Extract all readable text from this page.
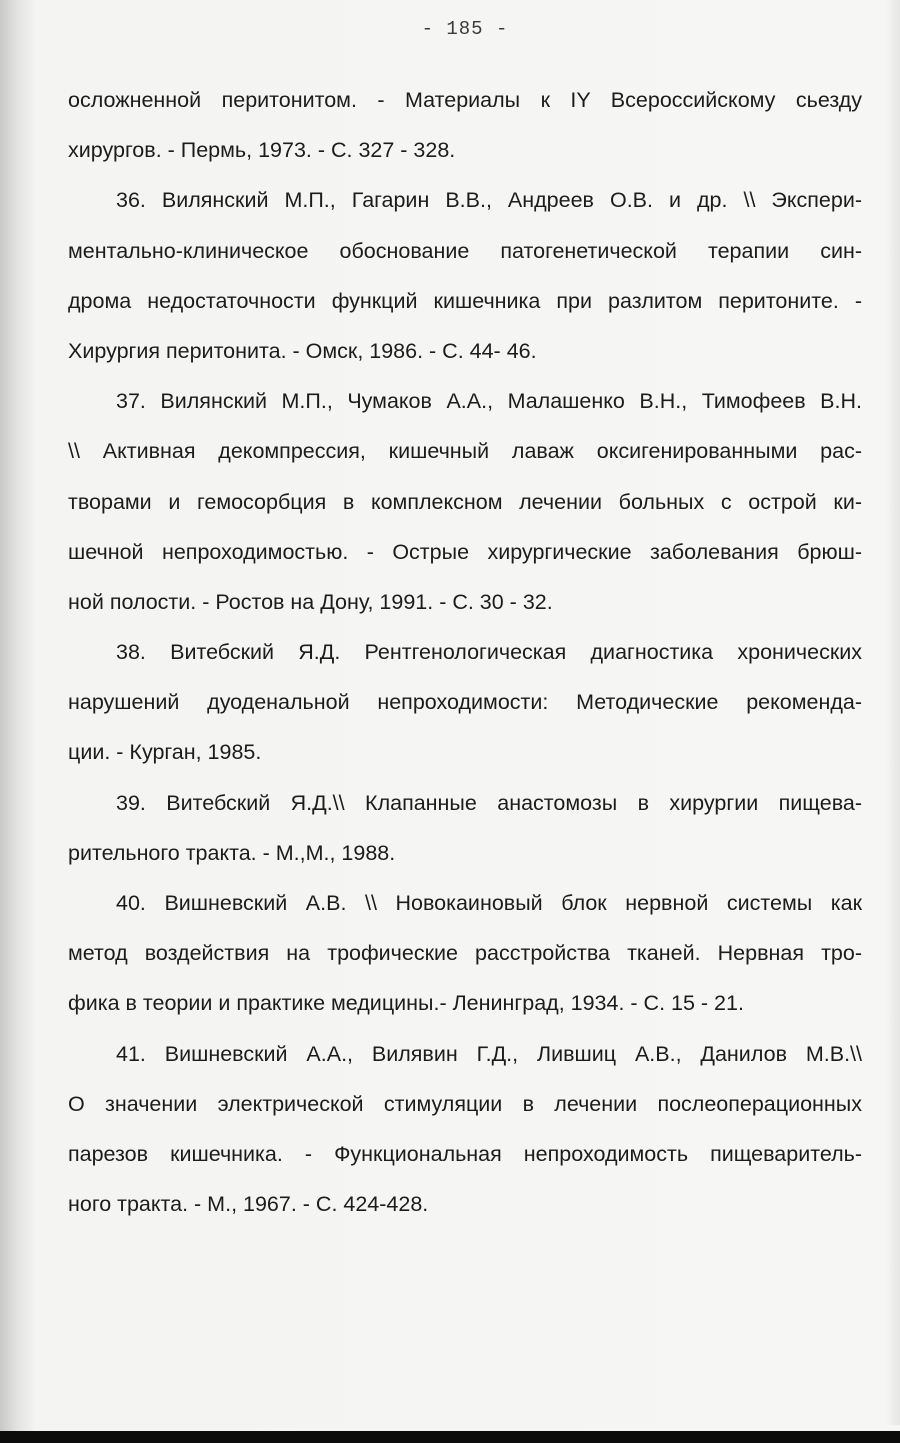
- 185 -
осложненной перитонитом. - Материалы к IY Всероссийскому сьезду
хирургов. - Пермь, 1973. - С. 327 - 328.
36. Вилянский М.П., Гагарин В.В., Андреев О.В. и др. \\ Экспери-
ментально-клиническое обоснование патогенетической терапии син-
дрома недостаточности функций кишечника при разлитом перитоните. -
Хирургия перитонита. - Омск, 1986. - С. 44- 46.
37. Вилянский М.П., Чумаков А.А., Малашенко В.Н., Тимофеев В.Н.
\\ Активная декомпрессия, кишечный лаваж оксигенированными рас-
творами и гемосорбция в комплексном лечении больных с острой ки-
шечной непроходимостью. - Острые хирургические заболевания брюш-
ной полости. - Ростов на Дону, 1991. - С. 30 - 32.
38. Витебский Я.Д. Рентгенологическая диагностика хронических
нарушений дуоденальной непроходимости: Методические рекоменда-
ции. - Курган, 1985.
39. Витебский Я.Д.\\ Клапанные анастомозы в хирургии пищева-
рительного тракта. - М.,М., 1988.
40. Вишневский А.В. \\ Новокаиновый блок нервной системы как
метод воздействия на трофические расстройства тканей. Нервная тро-
фика в теории и практике медицины.- Ленинград, 1934. - С. 15 - 21.
41. Вишневский А.А., Вилявин Г.Д., Лившиц А.В., Данилов М.В.\\
О значении электрической стимуляции в лечении послеоперационных
парезов кишечника. - Функциональная непроходимость пищеваритель-
ного тракта. - М., 1967. - С. 424-428.
